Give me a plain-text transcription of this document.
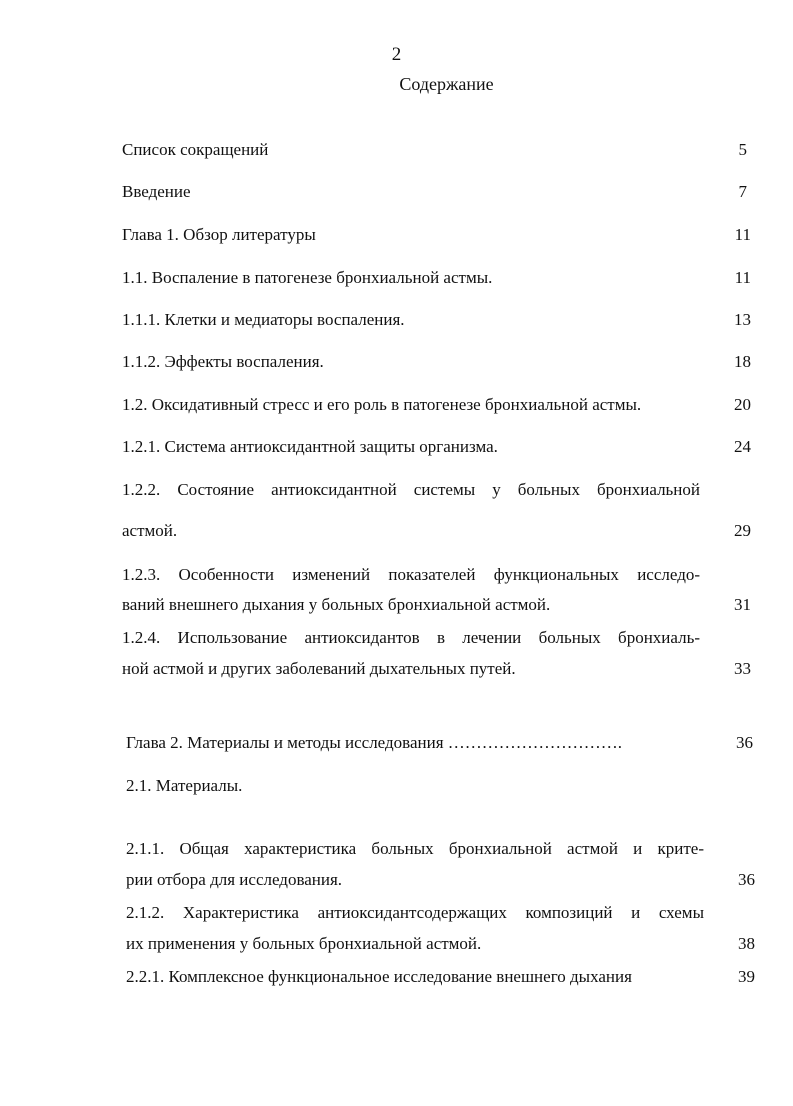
2
Содержание
Список сокращений	5
Введение	7
Глава 1. Обзор литературы	11
1.1. Воспаление в патогенезе бронхиальной астмы.	11
1.1.1. Клетки и медиаторы воспаления.	13
1.1.2. Эффекты воспаления.	18
1.2. Оксидативный стресс и его роль в патогенезе бронхиальной астмы.	20
1.2.1. Система антиоксидантной защиты организма.	24
1.2.2. Состояние антиоксидантной системы у больных бронхиальной
астмой.	29
1.2.3. Особенности изменений показателей функциональных исследо-
ваний внешнего дыхания у больных бронхиальной астмой.	31
1.2.4. Использование антиоксидантов в лечении больных бронхиаль-
ной астмой и других заболеваний дыхательных путей.	33
Глава 2. Материалы и методы исследования ………………………….	36
2.1. Материалы.
2.1.1. Общая характеристика больных бронхиальной астмой и крите-
рии отбора для исследования.	36
2.1.2. Характеристика антиоксидантсодержащих композиций и схемы
их применения у больных бронхиальной астмой.	38
2.2.1. Комплексное функциональное исследование внешнего дыхания	39
